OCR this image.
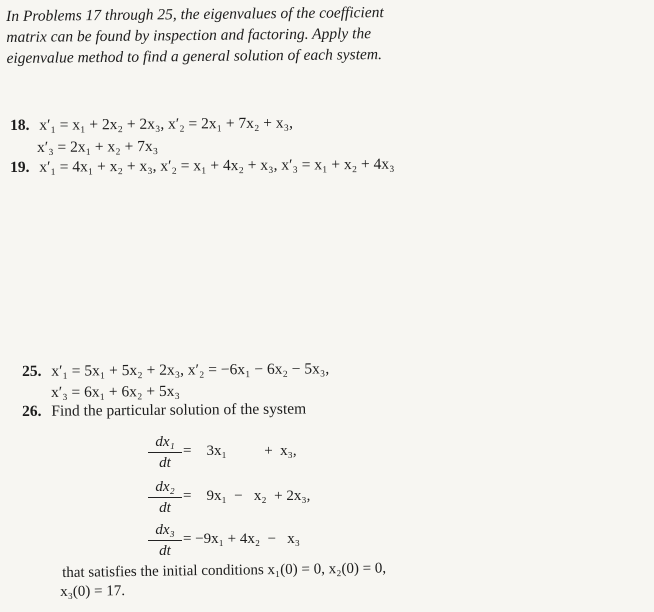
In Problems 17 through 25, the eigenvalues of the coefficient
matrix can be found by inspection and factoring. Apply the
eigenvalue method to find a general solution of each system.
18. x′₁ = x₁ + 2x₂ + 2x₃, x′₂ = 2x₁ + 7x₂ + x₃,
x′₃ = 2x₁ + x₂ + 7x₃
19. x′₁ = 4x₁ + x₂ + x₃, x′₂ = x₁ + 4x₂ + x₃, x′₃ = x₁ + x₂ + 4x₃
25. x′₁ = 5x₁ + 5x₂ + 2x₃, x′₂ = −6x₁ − 6x₂ − 5x₃,
x′₃ = 6x₁ + 6x₂ + 5x₃
26. Find the particular solution of the system
$\frac{\text{dx₁}}{dt}$ =    3x₁          +  x₃,
$\frac{\text{dx₂}}{dt}$ =    9x₁  −   x₂  + 2x₃,
$\frac{\text{dx₃}}{dt} = -9x_1 + 4x_2 - x_3$
that satisfies the initial conditions x₁(0) = 0, x₂(0) = 0,
x₃(0) = 17.
